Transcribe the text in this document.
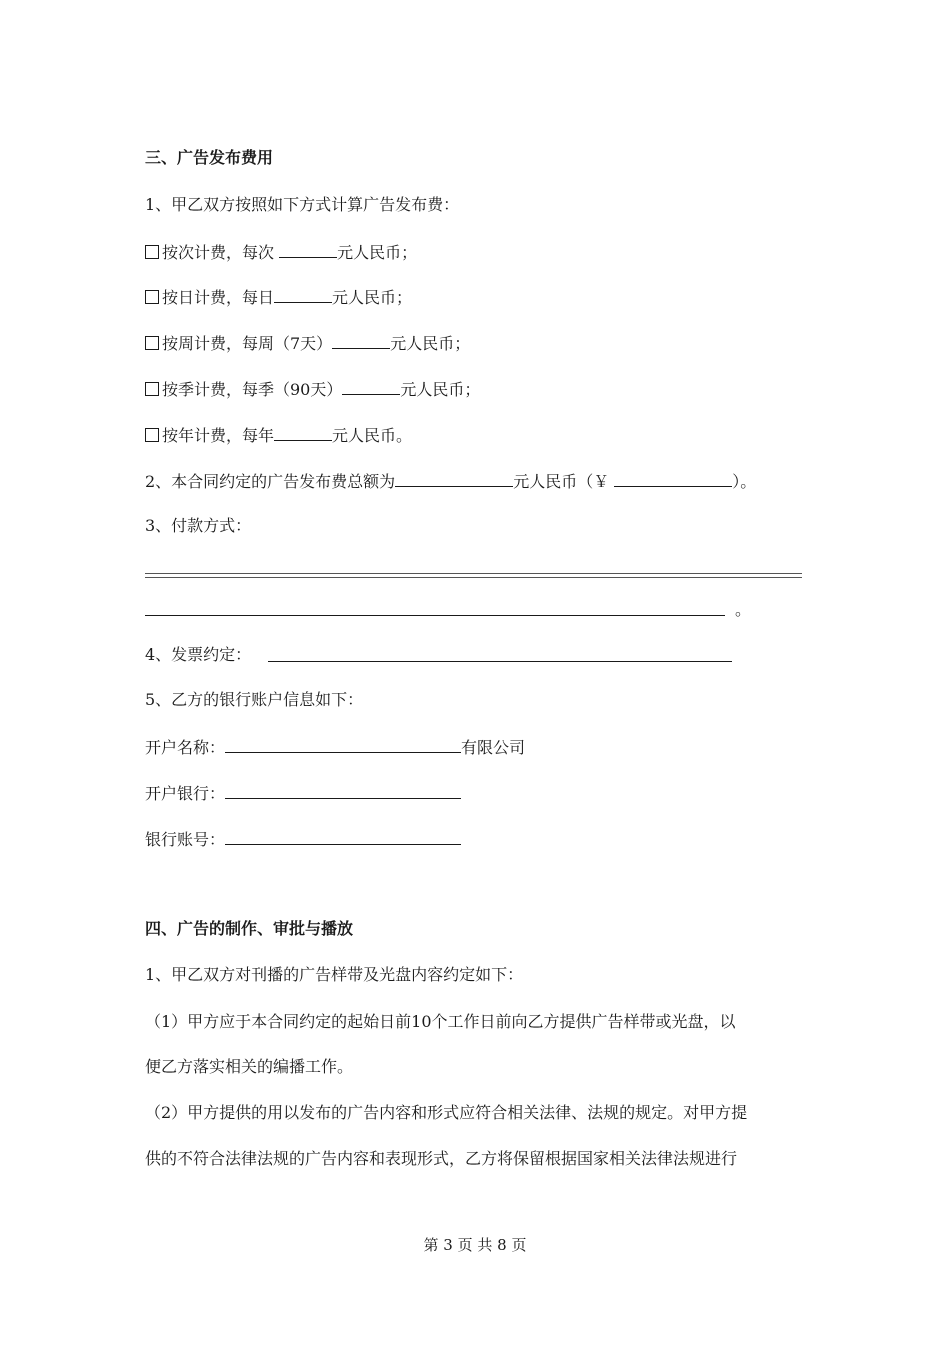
三、广告发布费用
1、甲乙双方按照如下方式计算广告发布费：
按次计费，每次	元人民币；
按日计费，每日	元人民币；
按周计费，每周（7天）	元人民币；
按季计费，每季（90天）	元人民币；
按年计费，每年	元人民币。
2、本合同约定的广告发布费总额为	元人民币（￥	）。
3、付款方式：
。
4、发票约定：
5、乙方的银行账户信息如下：
开户名称：	有限公司
开户银行：
银行账号：
四、广告的制作、审批与播放
1、甲乙双方对刊播的广告样带及光盘内容约定如下：
（1）甲方应于本合同约定的起始日前10个工作日前向乙方提供广告样带或光盘，以
便乙方落实相关的编播工作。
（2）甲方提供的用以发布的广告内容和形式应符合相关法律、法规的规定。对甲方提
供的不符合法律法规的广告内容和表现形式，乙方将保留根据国家相关法律法规进行
第 3 页 共 8 页
